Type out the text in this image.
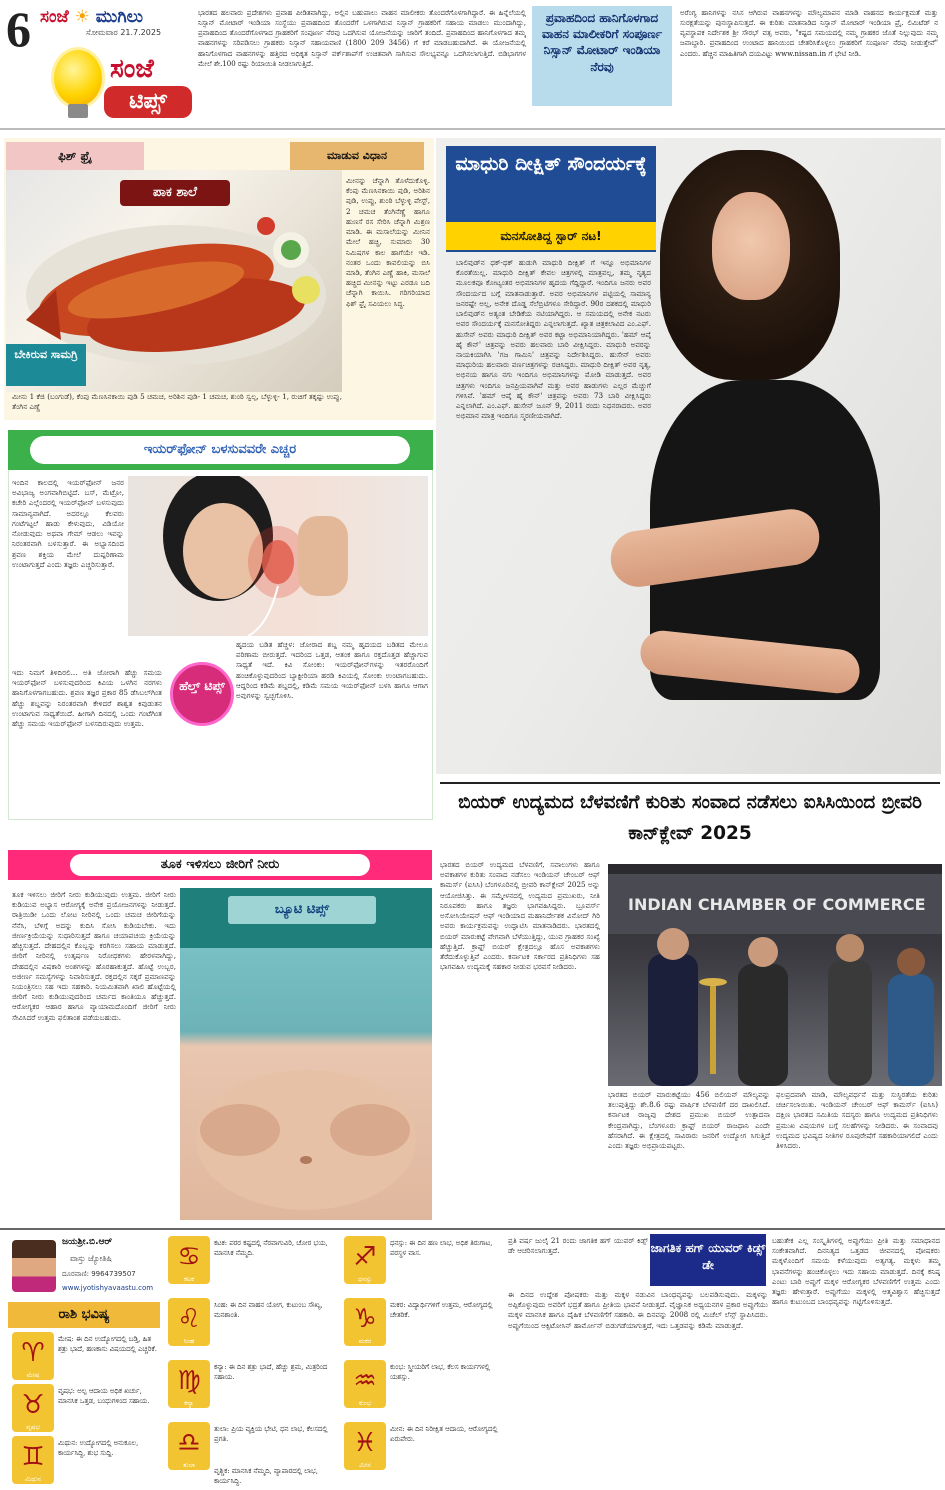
6 ಸಂಜೆ ☀ ಮುಗಿಲು
ಸೋಮವಾರ 21.7.2025
ಸಂಜೆ
ಟಿಪ್ಸ್
ಭಾರತದ ಹಲವಾರು ಪ್ರದೇಶಗಳು ಪ್ರವಾಹ ಪೀಡಿತವಾಗಿದ್ದು, ಅಲ್ಲಿನ ಬಹುಪಾಲು ವಾಹನ ಮಾಲೀಕರು ತೊಂದರೆಗೊಳಗಾಗಿದ್ದಾರೆ. ಈ ಹಿನ್ನೆಲೆಯಲ್ಲಿ ನಿಸ್ಸಾನ್ ಮೋಟಾರ್ ಇಂಡಿಯಾ ಸಂಸ್ಥೆಯು ಪ್ರವಾಹದಿಂದ ತೊಂದರೆಗೆ ಒಳಗಾಗಿರುವ ನಿಸ್ಸಾನ್ ಗ್ರಾಹಕರಿಗೆ ಸಹಾಯ ಮಾಡಲು ಮುಂದಾಗಿದ್ದು, ಪ್ರವಾಹದಿಂದ ತೊಂದರೆಗೊಳಗಾದ ಗ್ರಾಹಕರಿಗೆ ಸಂಪೂರ್ಣ ನೆರವು ಒದಗಿಸುವ ಯೋಜನೆಯನ್ನು ಜಾರಿಗೆ ತಂದಿದೆ. ಪ್ರವಾಹದಿಂದ ಹಾನಿಗೊಳಗಾದ ತಮ್ಮ ವಾಹನಗಳನ್ನು ಸರಿಪಡಿಸಲು ಗ್ರಾಹಕರು ನಿಸ್ಸಾನ್ ಸಹಾಯವಾಣಿ (1800 209 3456) ಗೆ ಕರೆ ಮಾಡಬಹುದಾಗಿದೆ. ಈ ಯೋಜನೆಯಲ್ಲಿ ಹಾನಿಗೊಳಗಾದ ವಾಹನಗಳನ್ನು ಹತ್ತಿರದ ಅಧಿಕೃತ ನಿಸ್ಸಾನ್ ವರ್ಕ್‌ಶಾಪ್‌ಗೆ ಉಚಿತವಾಗಿ ಸಾಗಿಸುವ ಸೌಲಭ್ಯವನ್ನೂ ಒದಗಿಸಲಾಗುತ್ತಿದೆ. ಬಿಡಿಭಾಗಗಳ ಮೇಲೆ ಶೇ.100 ರಷ್ಟು ರಿಯಾಯಿತಿ ನೀಡಲಾಗುತ್ತಿದೆ.
ಪ್ರವಾಹದಿಂದ ಹಾನಿಗೊಳಗಾದ ವಾಹನ ಮಾಲೀಕರಿಗೆ ಸಂಪೂರ್ಣ ನಿಸ್ಸಾನ್ ಮೋಟಾರ್ ಇಂಡಿಯಾ ನೆರವು
ಅರೆಂಗ್ಯ ಹಾನಿಗಳನ್ನು ನಸಿಸ ಆಗಿರುವ ವಾಹನಗಳನ್ನು ಮೌಲ್ಯಮಾಪನ ಮಾಡಿ ವಾಹನದ ಕಾರ್ಯಕ್ಷಮತೆ ಮತ್ತು ಸುರಕ್ಷತೆಯನ್ನು ಪುನಃಸ್ಥಾಪಿಸುತ್ತದೆ. ಈ ಕುರಿತು ಮಾತನಾಡಿದ ನಿಸ್ಸಾನ್ ಮೋಟಾರ್ ಇಂಡಿಯಾ ಪ್ರೈ. ಲಿಮಿಟೆಡ್ ನ ವ್ಯವಸ್ಥಾಪಕ ನಿರ್ದೇಶಕ ಶ್ರೀ ಸೌರಭ್ ವತ್ಸ ಅವರು, "ಕಷ್ಟದ ಸಮಯದಲ್ಲಿ ನಮ್ಮ ಗ್ರಾಹಕರ ಜೊತೆ ನಿಲ್ಲುವುದು ನಮ್ಮ ಜವಾಬ್ದಾರಿ. ಪ್ರವಾಹದಿಂದ ಉಂಟಾದ ಹಾನಿಯಿಂದ ಚೇತರಿಸಿಕೊಳ್ಳಲು ಗ್ರಾಹಕರಿಗೆ ಸಂಪೂರ್ಣ ನೆರವು ನೀಡುತ್ತೇವೆ" ಎಂದರು. ಹೆಚ್ಚಿನ ಮಾಹಿತಿಗಾಗಿ ದಯವಿಟ್ಟು www.nissan.in ಗೆ ಭೇಟಿ ನೀಡಿ.
ಫಿಶ್ ಫ್ರೈ	ಮಾಡುವ ವಿಧಾನ
ಪಾಕ ಶಾಲೆ
ಬೇಕಿರುವ ಸಾಮಗ್ರಿ
ಮೀನನ್ನು ಚೆನ್ನಾಗಿ ತೊಳೆದುಕೊಳ್ಳಿ. ಕೆಂಪು ಮೆಣಸಿನಕಾಯಿ ಪುಡಿ, ಅರಿಶಿನ ಪುಡಿ, ಉಪ್ಪು, ಶುಂಠಿ ಬೆಳ್ಳುಳ್ಳಿ ಪೇಸ್ಟ್, 2 ಚಮಚ ತೆಂಗಿನೆಣ್ಣೆ ಹಾಗೂ ಹುಣಸೆ ರಸ ಸೇರಿಸಿ ಚೆನ್ನಾಗಿ ಮಿಶ್ರಣ ಮಾಡಿ. ಈ ಮಸಾಲೆಯನ್ನು ಮೀನಿನ ಮೇಲೆ ಹಚ್ಚಿ, ಸುಮಾರು 30 ನಿಮಿಷಗಳ ಕಾಲ ಹಾಗೆಯೇ ಇಡಿ. ನಂತರ ಒಂದು ಕಾವಲಿಯನ್ನು ಬಿಸಿ ಮಾಡಿ, ತೆಂಗಿನ ಎಣ್ಣೆ ಹಾಕಿ, ಮಸಾಲೆ ಹಚ್ಚಿದ ಮೀನನ್ನು ಇಟ್ಟು ಎರಡೂ ಬದಿ ಚೆನ್ನಾಗಿ ಕಾಯಿಸಿ. ಗರಿಗರಿಯಾದ ಫಿಶ್ ಫ್ರೈ ಸವಿಯಲು ಸಿದ್ಧ.
ಮೀನು 1 ಕೆಜಿ (ಬಂಗುಡೆ), ಕೆಂಪು ಮೆಣಸಿನಕಾಯಿ ಪುಡಿ 5 ಚಮಚ, ಅರಿಶಿನ ಪುಡಿ- 1 ಚಮಚ, ಶುಂಠಿ ಸ್ವಲ್ಪ, ಬೆಳ್ಳುಳ್ಳಿ- 1, ರುಚಿಗೆ ತಕ್ಕಷ್ಟು ಉಪ್ಪು, ತೆಂಗಿನ ಎಣ್ಣೆ
ಇಯರ್‌ಫೋನ್ ಬಳಸುವವರೇ ಎಚ್ಚರ
ಇಂದಿನ ಕಾಲದಲ್ಲಿ ಇಯರ್‌ಫೋನ್ ಜನರ ಅವಿಭಾಜ್ಯ ಅಂಗವಾಗಿಬಿಟ್ಟಿದೆ. ಬಸ್, ಮೆಟ್ರೋ, ಕಚೇರಿ ಎಲ್ಲೆಂದರಲ್ಲಿ ಇಯರ್‌ಫೋನ್ ಬಳಸುವುದು ಸಾಮಾನ್ಯವಾಗಿದೆ. ಅದರಲ್ಲೂ ಕೆಲವರು ಗಂಟೆಗಟ್ಟಲೆ ಹಾಡು ಕೇಳುವುದು, ವಿಡಿಯೋ ನೋಡುವುದು ಅಥವಾ ಗೇಮ್ ಆಡಲು ಇವನ್ನು ನಿರಂತರವಾಗಿ ಬಳಸುತ್ತಾರೆ. ಈ ಅಭ್ಯಾಸದಿಂದ ಶ್ರವಣ ಶಕ್ತಿಯ ಮೇಲೆ ದುಷ್ಪರಿಣಾಮ ಉಂಟಾಗುತ್ತದೆ ಎಂದು ತಜ್ಞರು ಎಚ್ಚರಿಸುತ್ತಾರೆ.
ಹೆಲ್ತ್ ಟಿಪ್ಸ್
ಇದು ನಿಮಗೆ ತಿಳಿದಿರಲಿ... ಅತಿ ಜೋರಾಗಿ ಹೆಚ್ಚು ಸಮಯ ಇಯರ್‌ಫೋನ್ ಬಳಸುವುದರಿಂದ ಕಿವಿಯ ಒಳಗಿನ ನರಗಳು ಹಾನಿಗೊಳಗಾಗಬಹುದು. ಶ್ರವಣ ತಜ್ಞರ ಪ್ರಕಾರ 85 ಡೆಸಿಬಲ್‌ಗಿಂತ ಹೆಚ್ಚು ಶಬ್ದವನ್ನು ನಿರಂತರವಾಗಿ ಕೇಳಿದರೆ ಶಾಶ್ವತ ಕಿವುಡುತನ ಉಂಟಾಗುವ ಸಾಧ್ಯತೆಯಿದೆ. ಹೀಗಾಗಿ ದಿನದಲ್ಲಿ ಒಂದು ಗಂಟೆಗಿಂತ ಹೆಚ್ಚು ಸಮಯ ಇಯರ್‌ಫೋನ್ ಬಳಸದಿರುವುದು ಉತ್ತಮ.
ಹೃದಯ ಬಡಿತ ಹೆಚ್ಚಳ: ಜೋರಾದ ಶಬ್ದ ನಮ್ಮ ಹೃದಯದ ಬಡಿತದ ಮೇಲೂ ಪರಿಣಾಮ ಬೀರುತ್ತದೆ. ಇದರಿಂದ ಒತ್ತಡ, ಆತಂಕ ಹಾಗೂ ರಕ್ತದೊತ್ತಡ ಹೆಚ್ಚಾಗುವ ಸಾಧ್ಯತೆ ಇದೆ. ಕಿವಿ ಸೋಂಕು: ಇಯರ್‌ಫೋನ್‌ಗಳನ್ನು ಇತರರೊಂದಿಗೆ ಹಂಚಿಕೊಳ್ಳುವುದರಿಂದ ಬ್ಯಾಕ್ಟೀರಿಯಾ ಹರಡಿ ಕಿವಿಯಲ್ಲಿ ಸೋಂಕು ಉಂಟಾಗಬಹುದು. ಆದ್ದರಿಂದ ಕಡಿಮೆ ಶಬ್ದದಲ್ಲಿ, ಕಡಿಮೆ ಸಮಯ ಇಯರ್‌ಫೋನ್ ಬಳಸಿ ಹಾಗೂ ಆಗಾಗ ಅವುಗಳನ್ನು ಸ್ವಚ್ಛಗೊಳಿಸಿ.
ತೂಕ ಇಳಿಸಲು ಜೀರಿಗೆ ನೀರು
ಬ್ಯೂಟಿ ಟಿಪ್ಸ್
ತೂಕ ಇಳಿಸಲು ಜೀರಿಗೆ ನೀರು ಕುಡಿಯುವುದು ಉತ್ತಮ. ಜೀರಿಗೆ ನೀರು ಕುಡಿಯುವ ಅಭ್ಯಾಸ ಆರೋಗ್ಯಕ್ಕೆ ಅನೇಕ ಪ್ರಯೋಜನಗಳನ್ನು ನೀಡುತ್ತದೆ. ರಾತ್ರಿಯಿಡೀ ಒಂದು ಲೋಟ ನೀರಿನಲ್ಲಿ ಒಂದು ಚಮಚ ಜೀರಿಗೆಯನ್ನು ನೆನೆಸಿ, ಬೆಳಿಗ್ಗೆ ಅದನ್ನು ಕುದಿಸಿ ಸೋಸಿ ಕುಡಿಯಬೇಕು. ಇದು ಜೀರ್ಣಕ್ರಿಯೆಯನ್ನು ಸುಧಾರಿಸುತ್ತದೆ ಹಾಗೂ ಚಯಾಪಚಯ ಕ್ರಿಯೆಯನ್ನು ಹೆಚ್ಚಿಸುತ್ತದೆ. ದೇಹದಲ್ಲಿನ ಕೊಬ್ಬನ್ನು ಕರಗಿಸಲು ಸಹಾಯ ಮಾಡುತ್ತದೆ. ಜೀರಿಗೆ ನೀರಿನಲ್ಲಿ ಉತ್ಕರ್ಷಣ ನಿರೋಧಕಗಳು ಹೇರಳವಾಗಿದ್ದು, ದೇಹದಲ್ಲಿನ ವಿಷಕಾರಿ ಅಂಶಗಳನ್ನು ಹೊರಹಾಕುತ್ತದೆ. ಹೊಟ್ಟೆ ಉಬ್ಬರ, ಅಜೀರ್ಣ ಸಮಸ್ಯೆಗಳನ್ನು ನಿವಾರಿಸುತ್ತದೆ. ರಕ್ತದಲ್ಲಿನ ಸಕ್ಕರೆ ಪ್ರಮಾಣವನ್ನು ನಿಯಂತ್ರಿಸಲು ಸಹ ಇದು ಸಹಕಾರಿ. ನಿಯಮಿತವಾಗಿ ಖಾಲಿ ಹೊಟ್ಟೆಯಲ್ಲಿ ಜೀರಿಗೆ ನೀರು ಕುಡಿಯುವುದರಿಂದ ಚರ್ಮದ ಕಾಂತಿಯೂ ಹೆಚ್ಚುತ್ತದೆ. ಆರೋಗ್ಯಕರ ಆಹಾರ ಹಾಗೂ ವ್ಯಾಯಾಮದೊಂದಿಗೆ ಜೀರಿಗೆ ನೀರು ಸೇವಿಸಿದರೆ ಉತ್ತಮ ಫಲಿತಾಂಶ ಪಡೆಯಬಹುದು.
ಮಾಧುರಿ ದೀಕ್ಷಿತ್ ಸೌಂದರ್ಯಕ್ಕೆ
ಮನಸೋತಿದ್ದ ಸ್ಟಾರ್ ನಟ!
ಬಾಲಿವುಡ್‌ನ ಧಕ್-ಧಕ್ ಹುಡುಗಿ ಮಾಧುರಿ ದೀಕ್ಷಿತ್ ಗೆ ಇನ್ನೂ ಅಭಿಮಾನಿಗಳ ಕೊರತೆಯಿಲ್ಲ. ಮಾಧುರಿ ದೀಕ್ಷಿತ್ ಕೇವಲ ಚಿತ್ರಗಳಲ್ಲಿ ಮಾತ್ರವಲ್ಲ, ತಮ್ಮ ನೃತ್ಯದ ಮೂಲಕವೂ ಕೋಟ್ಯಂತರ ಅಭಿಮಾನಿಗಳ ಹೃದಯ ಗೆದ್ದಿದ್ದಾರೆ. ಇಂದಿಗೂ ಜನರು ಅವರ ಸೌಂದರ್ಯದ ಬಗ್ಗೆ ಮಾತನಾಡುತ್ತಾರೆ. ಅವರ ಅಭಿಮಾನಿಗಳ ಪಟ್ಟಿಯಲ್ಲಿ ಸಾಮಾನ್ಯ ಜನರಷ್ಟೇ ಅಲ್ಲ, ಅನೇಕ ದೊಡ್ಡ ಸೆಲೆಬ್ರಿಟಿಗಳೂ ಸೇರಿದ್ದಾರೆ. 90ರ ದಶಕದಲ್ಲಿ ಮಾಧುರಿ ಬಾಲಿವುಡ್‌ನ ಅತ್ಯಂತ ಬೇಡಿಕೆಯ ನಟಿಯಾಗಿದ್ದರು. ಆ ಸಮಯದಲ್ಲಿ ಅನೇಕ ನಟರು ಅವರ ಸೌಂದರ್ಯಕ್ಕೆ ಮನಸೋತಿದ್ದರು ಎನ್ನಲಾಗುತ್ತದೆ. ಖ್ಯಾತ ಚಿತ್ರಕಲಾವಿದ ಎಂ.ಎಫ್. ಹುಸೇನ್ ಅವರು ಮಾಧುರಿ ದೀಕ್ಷಿತ್ ಅವರ ಕಟ್ಟಾ ಅಭಿಮಾನಿಯಾಗಿದ್ದರು. 'ಹಮ್ ಆಪ್ಕೆ ಹೈ ಕೌನ್' ಚಿತ್ರವನ್ನು ಅವರು ಹಲವಾರು ಬಾರಿ ವೀಕ್ಷಿಸಿದ್ದರು. ಮಾಧುರಿ ಅವರನ್ನು ನಾಯಕಿಯಾಗಿಸಿ 'ಗಜ ಗಾಮಿನಿ' ಚಿತ್ರವನ್ನು ನಿರ್ದೇಶಿಸಿದ್ದರು. ಹುಸೇನ್ ಅವರು ಮಾಧುರಿಯ ಹಲವಾರು ವರ್ಣಚಿತ್ರಗಳನ್ನು ರಚಿಸಿದ್ದರು. ಮಾಧುರಿ ದೀಕ್ಷಿತ್ ಅವರ ನೃತ್ಯ, ಅಭಿನಯ ಹಾಗೂ ನಗು ಇಂದಿಗೂ ಅಭಿಮಾನಿಗಳನ್ನು ಮೋಡಿ ಮಾಡುತ್ತದೆ. ಅವರ ಚಿತ್ರಗಳು ಇಂದಿಗೂ ಜನಪ್ರಿಯವಾಗಿವೆ ಮತ್ತು ಅವರ ಹಾಡುಗಳು ಎಲ್ಲರ ಮೆಚ್ಚುಗೆ ಗಳಿಸಿವೆ. 'ಹಮ್ ಆಪ್ಕೆ ಹೈ ಕೌನ್' ಚಿತ್ರವನ್ನು ಅವರು 73 ಬಾರಿ ವೀಕ್ಷಿಸಿದ್ದರು ಎನ್ನಲಾಗಿದೆ. ಎಂ.ಎಫ್. ಹುಸೇನ್ ಜೂನ್ 9, 2011 ರಂದು ನಿಧನರಾದರು. ಅವರ ಅಭಿಮಾನ ಮಾತ್ರ ಇಂದಿಗೂ ಸ್ಮರಣೀಯವಾಗಿದೆ.
ಬಿಯರ್ ಉದ್ಯಮದ ಬೆಳವಣಿಗೆ ಕುರಿತು ಸಂವಾದ ನಡೆಸಲು ಐಸಿಸಿಯಿಂದ ಬ್ರೀವರಿ ಕಾನ್‌ಕ್ಲೇವ್ 2025
ಭಾರತದ ಬಿಯರ್ ಉದ್ಯಮದ ಬೆಳವಣಿಗೆ, ಸವಾಲುಗಳು ಹಾಗೂ ಅವಕಾಶಗಳ ಕುರಿತು ಸಂವಾದ ನಡೆಸಲು ಇಂಡಿಯನ್ ಚೇಂಬರ್ ಆಫ್ ಕಾಮರ್ಸ್ (ಐಸಿಸಿ) ಬೆಂಗಳೂರಿನಲ್ಲಿ ಬ್ರೀವರಿ ಕಾನ್‌ಕ್ಲೇವ್ 2025 ಅನ್ನು ಆಯೋಜಿಸಿತ್ತು. ಈ ಸಮ್ಮೇಳನದಲ್ಲಿ ಉದ್ಯಮದ ಪ್ರಮುಖರು, ನೀತಿ ನಿರೂಪಕರು ಹಾಗೂ ತಜ್ಞರು ಭಾಗವಹಿಸಿದ್ದರು. ಬ್ರೂವರ್ಸ್ ಅಸೋಸಿಯೇಷನ್ ಆಫ್ ಇಂಡಿಯಾದ ಮಹಾನಿರ್ದೇಶಕ ವಿನೋದ್ ಗಿರಿ ಅವರು ಕಾರ್ಯಕ್ರಮವನ್ನು ಉದ್ಘಾಟಿಸಿ ಮಾತನಾಡಿದರು. ಭಾರತದಲ್ಲಿ ಬಿಯರ್ ಮಾರುಕಟ್ಟೆ ವೇಗವಾಗಿ ಬೆಳೆಯುತ್ತಿದ್ದು, ಯುವ ಗ್ರಾಹಕರ ಸಂಖ್ಯೆ ಹೆಚ್ಚುತ್ತಿದೆ. ಕ್ರಾಫ್ಟ್ ಬಿಯರ್ ಕ್ಷೇತ್ರದಲ್ಲೂ ಹೊಸ ಅವಕಾಶಗಳು ತೆರೆದುಕೊಳ್ಳುತ್ತಿವೆ ಎಂದರು. ಕರ್ನಾಟಕ ಸರ್ಕಾರದ ಪ್ರತಿನಿಧಿಗಳು ಸಹ ಭಾಗವಹಿಸಿ ಉದ್ಯಮಕ್ಕೆ ಸಹಕಾರ ನೀಡುವ ಭರವಸೆ ನೀಡಿದರು.
INDIAN CHAMBER OF COMMERCE
ಭಾರತದ ಬಿಯರ್ ಮಾರುಕಟ್ಟೆಯು 456 ಬಿಲಿಯನ್ ಮೌಲ್ಯವನ್ನು ತಲುಪುತ್ತಿದ್ದು ಶೇ.8.6 ರಷ್ಟು ವಾರ್ಷಿಕ ಬೆಳವಣಿಗೆ ದರ ದಾಖಲಿಸಿದೆ. ಕರ್ನಾಟಕ ರಾಜ್ಯವು ದೇಶದ ಪ್ರಮುಖ ಬಿಯರ್ ಉತ್ಪಾದನಾ ಕೇಂದ್ರವಾಗಿದ್ದು, ಬೆಂಗಳೂರು ಕ್ರಾಫ್ಟ್ ಬಿಯರ್ ರಾಜಧಾನಿ ಎಂದೇ ಹೆಸರಾಗಿದೆ. ಈ ಕ್ಷೇತ್ರದಲ್ಲಿ ಸಾವಿರಾರು ಜನರಿಗೆ ಉದ್ಯೋಗ ಸಿಗುತ್ತಿದೆ ಎಂದು ತಜ್ಞರು ಅಭಿಪ್ರಾಯಪಟ್ಟರು.
ಫಲಪ್ರದವಾಗಿ ಮಾಡಿ, ಮೌಲ್ಯವರ್ಧನೆ ಮತ್ತು ಸುಸ್ಥಿರತೆಯ ಕುರಿತು ಚರ್ಚಿಸಲಾಯಿತು. ಇಂಡಿಯನ್ ಚೇಂಬರ್ ಆಫ್ ಕಾಮರ್ಸ್ (ಐಸಿಸಿ) ದಕ್ಷಿಣ ಭಾರತದ ಸಮಿತಿಯ ಸದಸ್ಯರು ಹಾಗೂ ಉದ್ಯಮದ ಪ್ರತಿನಿಧಿಗಳು ಪ್ರಮುಖ ವಿಷಯಗಳ ಬಗ್ಗೆ ಸಲಹೆಗಳನ್ನು ನೀಡಿದರು. ಈ ಸಂವಾದವು ಉದ್ಯಮದ ಭವಿಷ್ಯದ ನೀತಿಗಳ ರೂಪುರೇಷೆಗೆ ಸಹಕಾರಿಯಾಗಲಿದೆ ಎಂದು ತಿಳಿಸಿದರು.
ಜಯಶ್ರೀ.ಬಿ.ಆರ್
ವಾಸ್ತು ಜ್ಯೋತಿಷಿ
ದೂರವಾಣಿ: 9964739507
www.jyotishyavaastu.com
ರಾಶಿ ಭವಿಷ್ಯ
♈
ಮೇಷ
♉
ವೃಷಭ
♊
ಮಿಥುನ
ಮೇಷ: ಈ ದಿನ ಉದ್ಯೋಗದಲ್ಲಿ ಬಡ್ತಿ, ಹಿತ ಶತ್ರು ಭಾದೆ, ಹಣಕಾಸು ವಿಷಯದಲ್ಲಿ ಎಚ್ಚರಿಕೆ.
ವೃಷಭ: ಅಲ್ಪ ಆದಾಯ ಅಧಿಕ ಖರ್ಚು, ಮಾನಸಿಕ ಒತ್ತಡ, ಬಂಧುಗಳಿಂದ ಸಹಾಯ.
ಮಿಥುನ: ಉದ್ಯೋಗದಲ್ಲಿ ಅನುಕೂಲ, ಕಾರ್ಯಸಿದ್ಧಿ, ಶುಭ ಸುದ್ದಿ.
♋
ಕಟಕ
♌
ಸಿಂಹ
♍
ಕನ್ಯಾ
♎
ತುಲಾ
ಕಟಕ: ಪರರ ಕಷ್ಟದಲ್ಲಿ ನೆರವಾಗುವಿರಿ, ಚೋರ ಭಯ, ಮಾನಸಿಕ ನೆಮ್ಮದಿ.
ಸಿಂಹ: ಈ ದಿನ ವಾಹನ ಯೋಗ, ಕುಟುಂಬ ಸೌಖ್ಯ, ಮನಶಾಂತಿ.
ಕನ್ಯಾ: ಈ ದಿನ ಶತ್ರು ಭಾದೆ, ಹೆಚ್ಚು ಶ್ರಮ, ಮಿತ್ರರಿಂದ ಸಹಾಯ.
ತುಲಾ: ಪ್ರಿಯ ವ್ಯಕ್ತಿಯ ಭೇಟಿ, ಧನ ಲಾಭ, ಕೆಲಸದಲ್ಲಿ ಪ್ರಗತಿ.
♐
ಧನಸ್ಸು
♑
ಮಕರ
♒
ಕುಂಭ
♓
ಮೀನ
ಧನಸ್ಸು: ಈ ದಿನ ಹಣ ಲಾಭ, ಅಧಿಕ ತಿರುಗಾಟ, ಪರಸ್ಥಳ ವಾಸ.
ಮಕರ: ವಿದ್ಯಾರ್ಥಿಗಳಿಗೆ ಉತ್ತಮ, ಆರೋಗ್ಯದಲ್ಲಿ ಚೇತರಿಕೆ.
ಕುಂಭ: ಸ್ತ್ರೀಯರಿಗೆ ಲಾಭ, ಕೆಲಸ ಕಾರ್ಯಗಳಲ್ಲಿ ಯಶಸ್ಸು.
ಮೀನ: ಈ ದಿನ ನಿರೀಕ್ಷಿತ ಆದಾಯ, ಆರೋಗ್ಯದಲ್ಲಿ ಏರುಪೇರು.
ವೃಶ್ಚಿಕ: ಮಾನಸಿಕ ನೆಮ್ಮದಿ, ವ್ಯಾಪಾರದಲ್ಲಿ ಲಾಭ, ಕಾರ್ಯಸಿದ್ಧಿ.
ಪ್ರತಿ ವರ್ಷ ಜುಲೈ 21 ರಂದು ಜಾಗತಿಕ ಹಗ್ ಯುವರ್ ಕಿಡ್ಸ್ ಡೇ ಆಚರಿಸಲಾಗುತ್ತದೆ.	ಜಾಗತಿಕ ಹಗ್ ಯುವರ್ ಕಿಡ್ಸ್ ಡೇ
ಈ ದಿನದ ಉದ್ದೇಶ ಪೋಷಕರು ಮತ್ತು ಮಕ್ಕಳ ನಡುವಿನ ಬಾಂಧವ್ಯವನ್ನು ಬಲಪಡಿಸುವುದು. ಮಕ್ಕಳನ್ನು ಅಪ್ಪಿಕೊಳ್ಳುವುದು ಅವರಿಗೆ ಭದ್ರತೆ ಹಾಗೂ ಪ್ರೀತಿಯ ಭಾವನೆ ನೀಡುತ್ತದೆ. ವೈಜ್ಞಾನಿಕ ಅಧ್ಯಯನಗಳ ಪ್ರಕಾರ ಅಪ್ಪುಗೆಯು ಮಕ್ಕಳ ಮಾನಸಿಕ ಹಾಗೂ ದೈಹಿಕ ಬೆಳವಣಿಗೆಗೆ ಸಹಕಾರಿ. ಈ ದಿನವನ್ನು 2008 ರಲ್ಲಿ ಮಿಚೆಲ್ ಲೆನ್ಸ್ ಸ್ಥಾಪಿಸಿದರು. ಅಪ್ಪುಗೆಯಿಂದ ಆಕ್ಸಿಟೋಸಿನ್ ಹಾರ್ಮೋನ್ ಬಿಡುಗಡೆಯಾಗುತ್ತದೆ, ಇದು ಒತ್ತಡವನ್ನು ಕಡಿಮೆ ಮಾಡುತ್ತದೆ.
ಬಹುತೇಕ ಎಲ್ಲ ಸಂಸ್ಕೃತಿಗಳಲ್ಲಿ ಅಪ್ಪುಗೆಯು ಪ್ರೀತಿ ಮತ್ತು ಸಮಾಧಾನದ ಸಂಕೇತವಾಗಿದೆ. ದಿನನಿತ್ಯದ ಒತ್ತಡದ ಜೀವನದಲ್ಲಿ ಪೋಷಕರು ಮಕ್ಕಳೊಂದಿಗೆ ಸಮಯ ಕಳೆಯುವುದು ಅತ್ಯಗತ್ಯ. ಮಕ್ಕಳು ತಮ್ಮ ಭಾವನೆಗಳನ್ನು ಹಂಚಿಕೊಳ್ಳಲು ಇದು ಸಹಾಯ ಮಾಡುತ್ತದೆ. ದಿನಕ್ಕೆ ಕನಿಷ್ಠ ಎಂಟು ಬಾರಿ ಅಪ್ಪುಗೆ ಮಕ್ಕಳ ಆರೋಗ್ಯಕರ ಬೆಳವಣಿಗೆಗೆ ಉತ್ತಮ ಎಂದು ತಜ್ಞರು ಹೇಳುತ್ತಾರೆ. ಅಪ್ಪುಗೆಯು ಮಕ್ಕಳಲ್ಲಿ ಆತ್ಮವಿಶ್ವಾಸ ಹೆಚ್ಚಿಸುತ್ತದೆ ಹಾಗೂ ಕುಟುಂಬದ ಬಾಂಧವ್ಯವನ್ನು ಗಟ್ಟಿಗೊಳಿಸುತ್ತದೆ.
